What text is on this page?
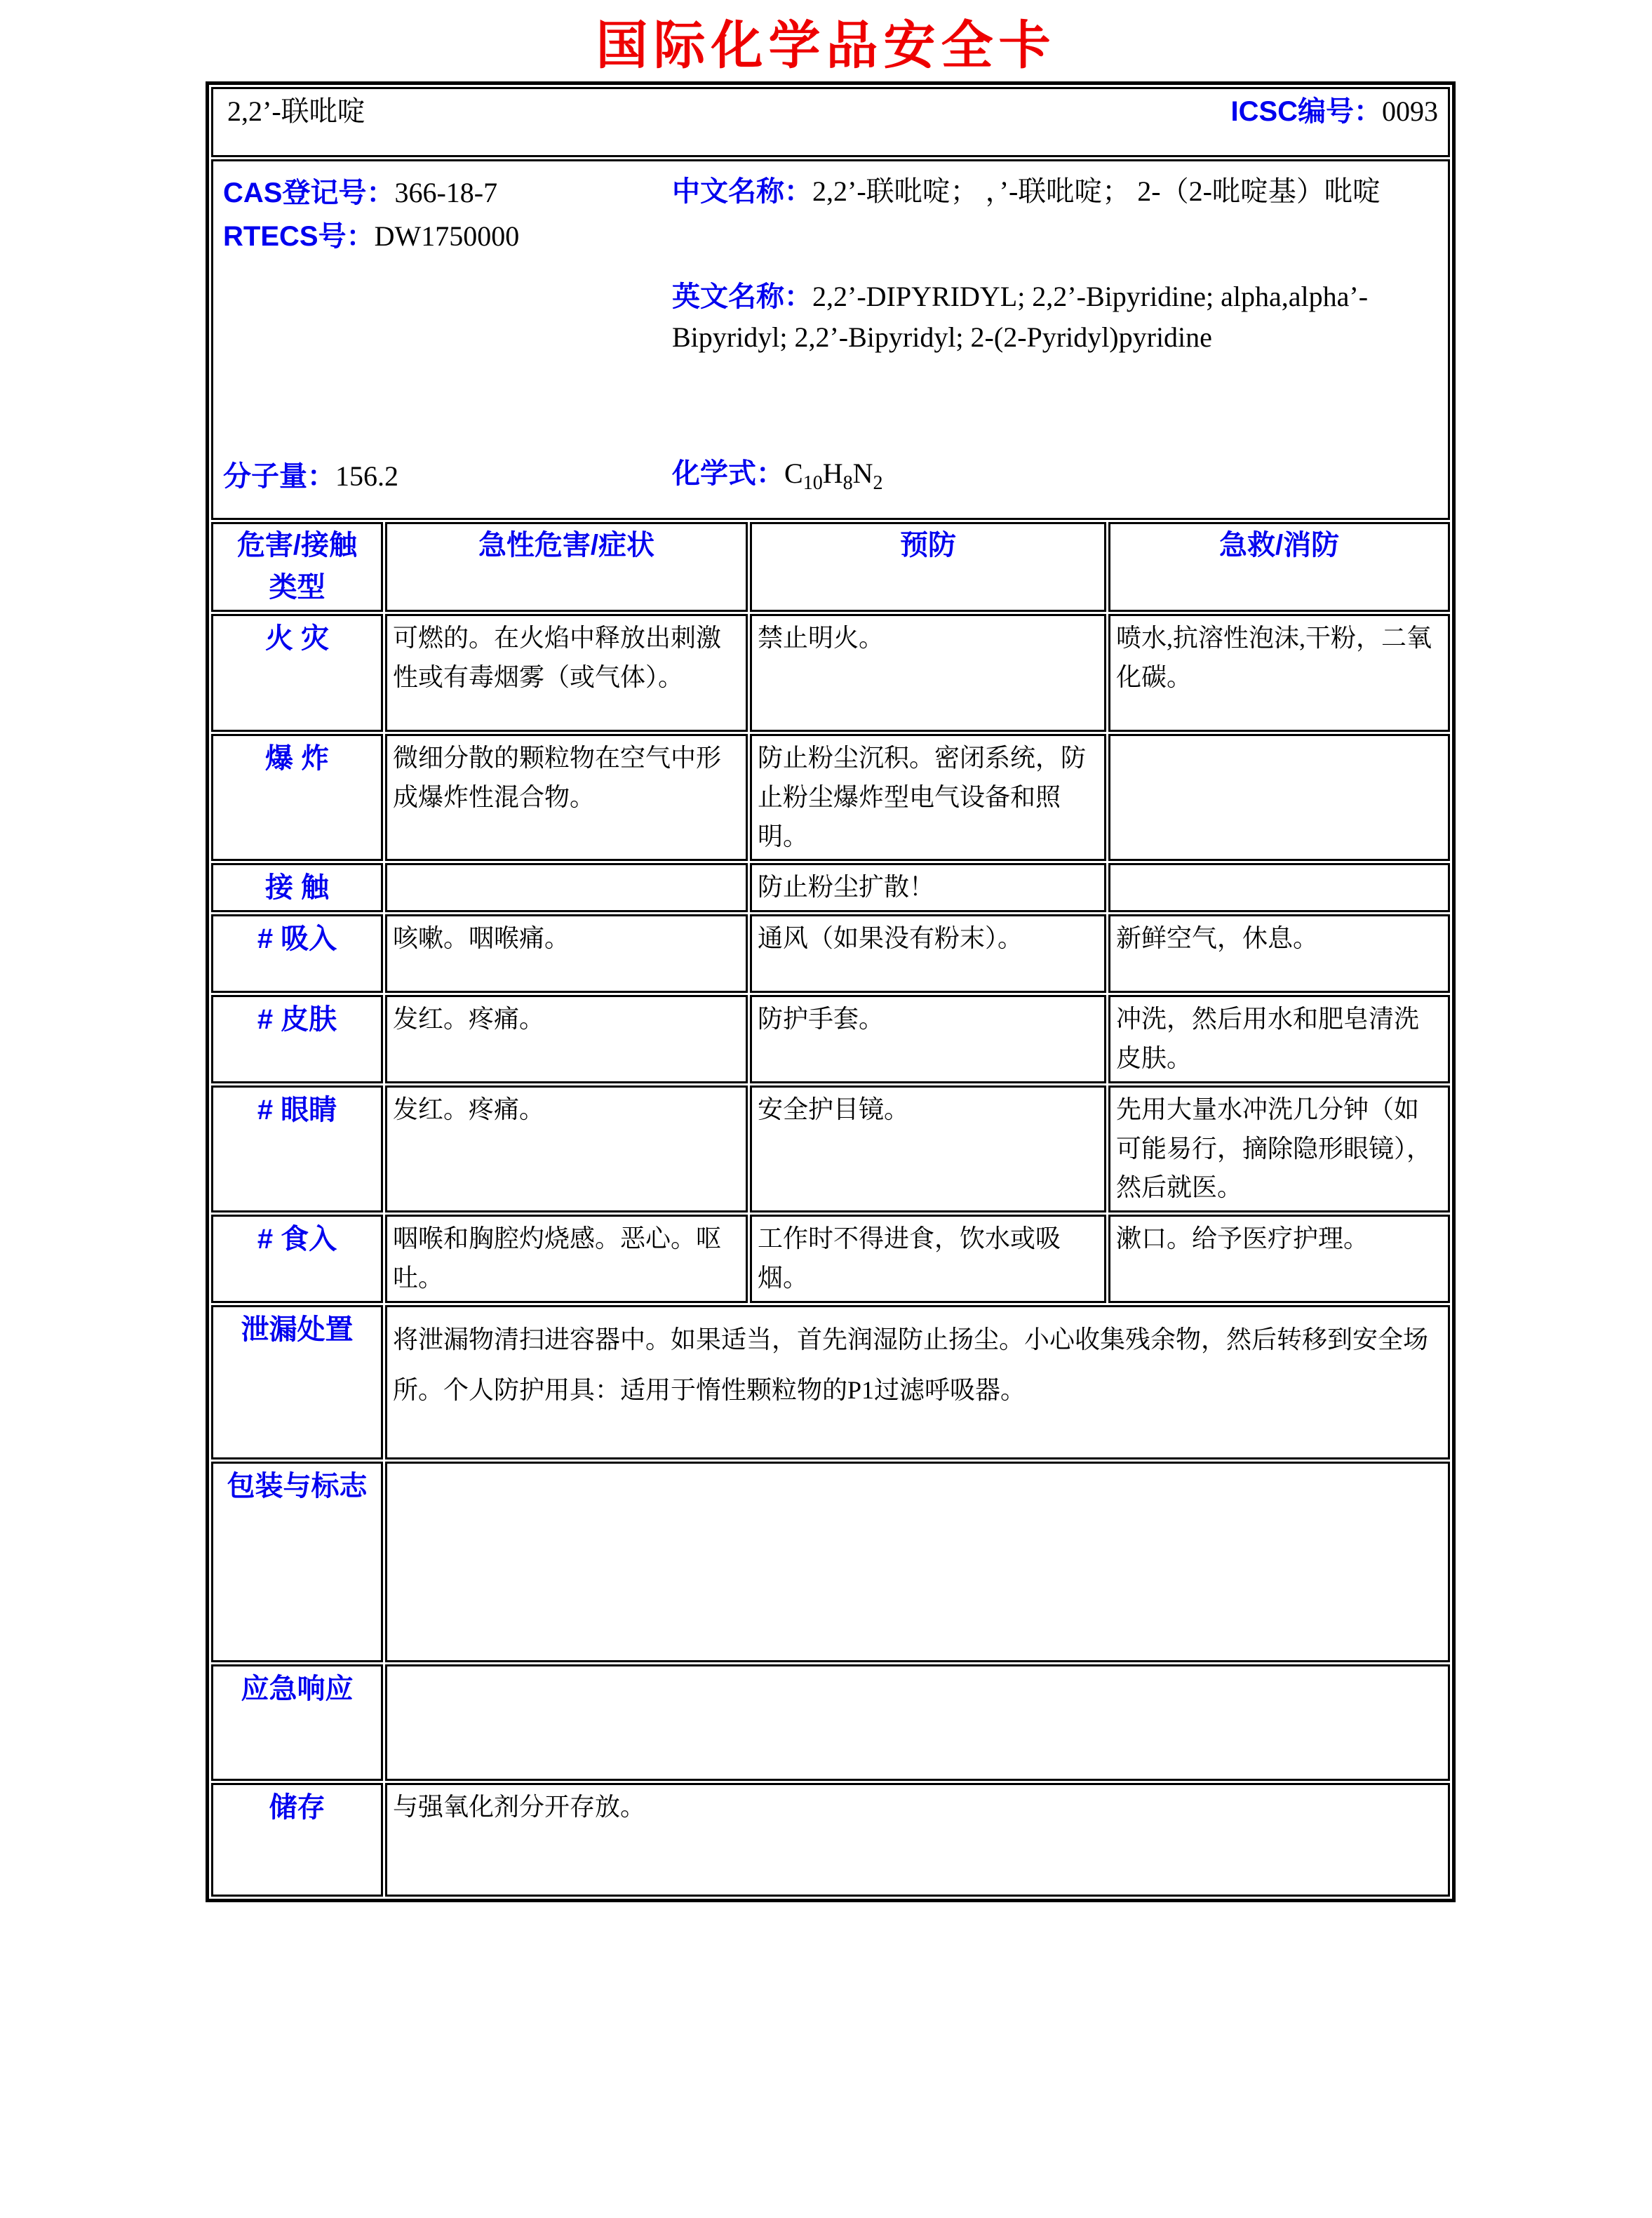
国际化学品安全卡
2,2’-联吡啶 ICSC编号：0093			

CAS登记号：366-18-7
RTECS号：DW1750000
分子量：156.2
中文名称：2,2’-联吡啶； ，’-联吡啶； 2-（2-吡啶基）吡啶
英文名称：2,2’-DIPYRIDYL; 2,2’-Bipyridine; alpha,alpha’-Bipyridyl; 2,2’-Bipyridyl; 2-(2-Pyridyl)pyridine
化学式：$C_{10}H_8N_2$

危害/接触
类型	急性危害/症状	预防	急救/消防
火 灾	可燃的。在火焰中释放出刺激性或有毒烟雾（或气体）。	禁止明火。	喷水,抗溶性泡沫,干粉，二氧化碳。
爆 炸	微细分散的颗粒物在空气中形成爆炸性混合物。	防止粉尘沉积。密闭系统，防止粉尘爆炸型电气设备和照明。	
接 触		防止粉尘扩散！	
# 吸入	咳嗽。咽喉痛。	通风（如果没有粉末）。	新鲜空气，休息。
# 皮肤	发红。疼痛。	防护手套。	冲洗，然后用水和肥皂清洗皮肤。
# 眼睛	发红。疼痛。	安全护目镜。	先用大量水冲洗几分钟（如可能易行，摘除隐形眼镜），然后就医。
# 食入	咽喉和胸腔灼烧感。恶心。呕吐。	工作时不得进食，饮水或吸烟。	漱口。给予医疗护理。
泄漏处置	将泄漏物清扫进容器中。如果适当，首先润湿防止扬尘。小心收集残余物，然后转移到安全场所。个人防护用具：适用于惰性颗粒物的P1过滤呼吸器。		
包装与标志			
应急响应			
储存	与强氧化剂分开存放。		
